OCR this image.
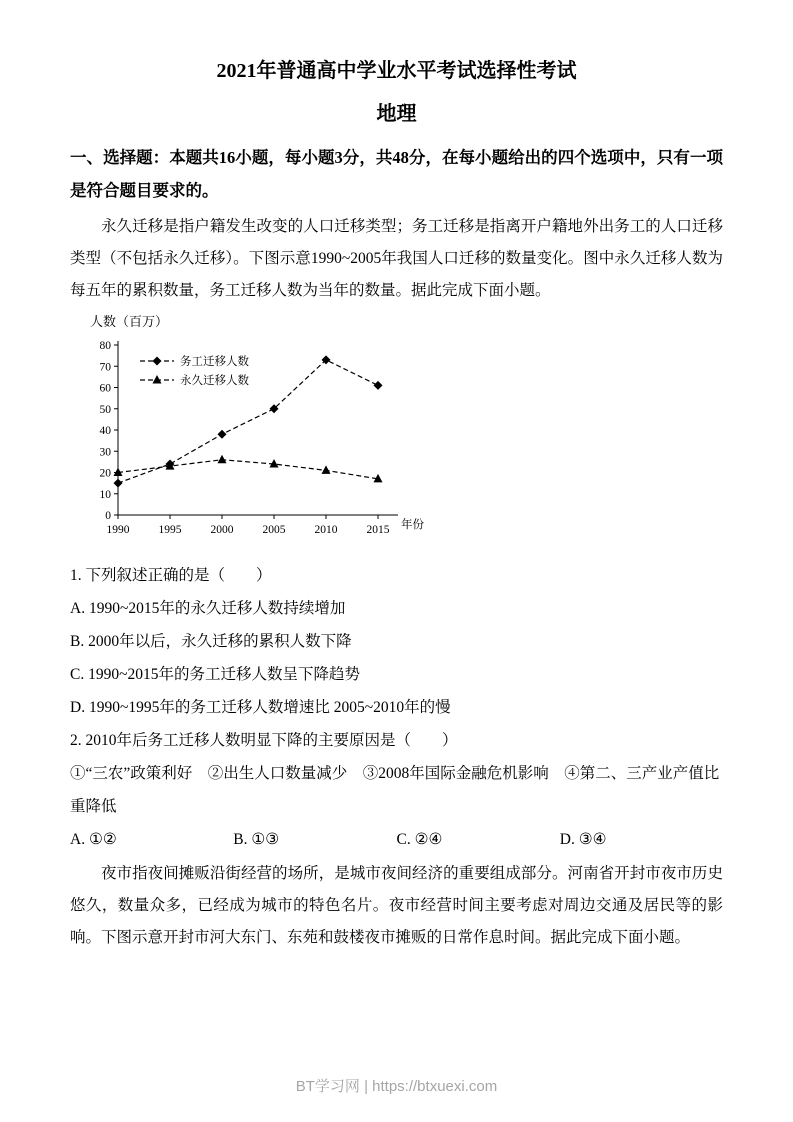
2021年普通高中学业水平考试选择性考试
地理
一、选择题：本题共16小题，每小题3分，共48分，在每小题给出的四个选项中，只有一项是符合题目要求的。
永久迁移是指户籍发生改变的人口迁移类型；务工迁移是指离开户籍地外出务工的人口迁移类型（不包括永久迁移）。下图示意1990~2005年我国人口迁移的数量变化。图中永久迁移人数为每五年的累积数量，务工迁移人数为当年的数量。据此完成下面小题。
人数（百万）
0
10
20
30
40
50
60
70
80
1990	1995	2000	2005	2010	2015 年份
务工迁移人数
永久迁移人数
1. 下列叙述正确的是（　　）
A. 1990~2015年的永久迁移人数持续增加
B. 2000年以后，永久迁移的累积人数下降
C. 1990~2015年的务工迁移人数呈下降趋势
D. 1990~1995年的务工迁移人数增速比 2005~2010年的慢
2. 2010年后务工迁移人数明显下降的主要原因是（　　）
①“三农”政策利好　②出生人口数量减少　③2008年国际金融危机影响　④第二、三产业产值比重降低
A. ①②	B. ①③	C. ②④	D. ③④
夜市指夜间摊贩沿街经营的场所，是城市夜间经济的重要组成部分。河南省开封市夜市历史悠久，数量众多，已经成为城市的特色名片。夜市经营时间主要考虑对周边交通及居民等的影响。下图示意开封市河大东门、东苑和鼓楼夜市摊贩的日常作息时间。据此完成下面小题。
BT学习网 | https://btxuexi.com
